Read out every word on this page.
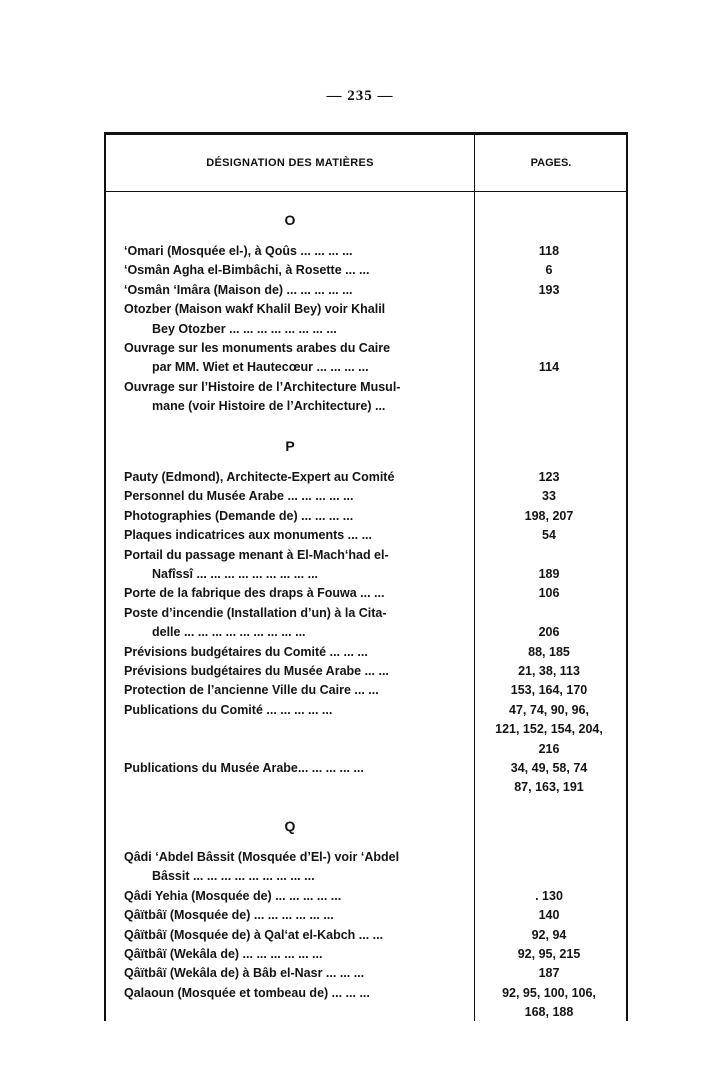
— 235 —
DÉSIGNATION DES MATIÈRES	PAGES.
O
‘Omari (Mosquée el-), à Qoûs ... ... ... ...	118
‘Osmân Agha el-Bimbâchi, à Rosette ... ...	6
‘Osmân ‘Imâra (Maison de) ... ... ... ... ...	193
Otozber (Maison wakf Khalil Bey) voir Khalil
Bey Otozber ... ... ... ... ... ... ... ...
Ouvrage sur les monuments arabes du Caire
par MM. Wiet et Hautecœur ... ... ... ...	114
Ouvrage sur l’Histoire de l’Architecture Musul-
mane (voir Histoire de l’Architecture) ...
P
Pauty (Edmond), Architecte-Expert au Comité	123
Personnel du Musée Arabe ... ... ... ... ...	33
Photographies (Demande de) ... ... ... ...	198, 207
Plaques indicatrices aux monuments ... ...	54
Portail du passage menant à El-Mach‘had el-
Nafîssî ... ... ... ... ... ... ... ... ...	189
Porte de la fabrique des draps à Fouwa ... ...	106
Poste d’incendie (Installation d’un) à la Cita-
delle ... ... ... ... ... ... ... ... ...	206
Prévisions budgétaires du Comité ... ... ...	88, 185
Prévisions budgétaires du Musée Arabe ... ...	21, 38, 113
Protection de l’ancienne Ville du Caire ... ...	153, 164, 170
Publications du Comité ... ... ... ... ...	47, 74, 90, 96,
121, 152, 154, 204,
216
Publications du Musée Arabe... ... ... ... ...	34, 49, 58, 74
87, 163, 191
Q
Qâdi ‘Abdel Bâssit (Mosquée d’El-) voir ‘Abdel
Bâssit ... ... ... ... ... ... ... ... ...
Qâdi Yehia (Mosquée de) ... ... ... ... ...	. 130
Qâïtbâï (Mosquée de) ... ... ... ... ... ...	140
Qâïtbâï (Mosquée de) à Qal‘at el-Kabch ... ...	92, 94
Qâïtbâï (Wekâla de) ... ... ... ... ... ...	92, 95, 215
Qâïtbâï (Wekâla de) à Bâb el-Nasr ... ... ...	187
Qalaoun (Mosquée et tombeau de) ... ... ...	92, 95, 100, 106,
168, 188
